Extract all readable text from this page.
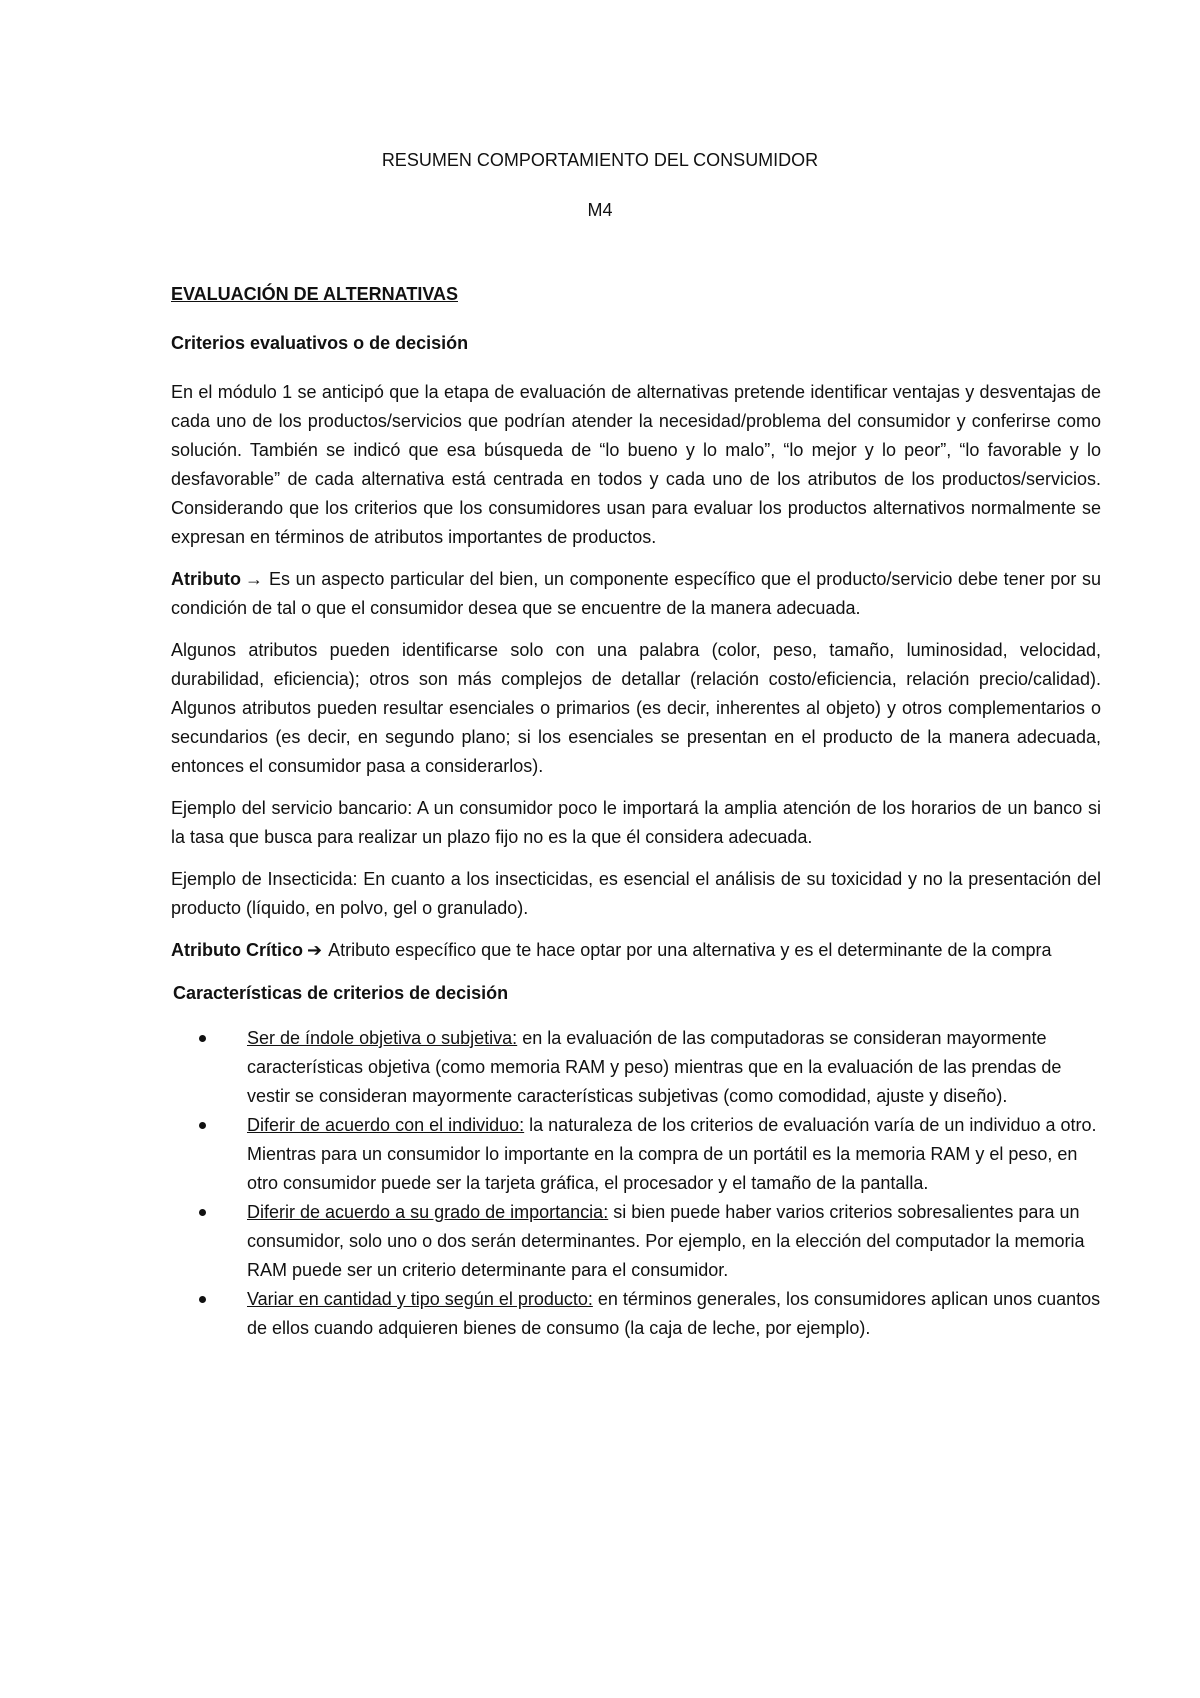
RESUMEN COMPORTAMIENTO DEL CONSUMIDOR
M4
EVALUACIÓN DE ALTERNATIVAS
Criterios evaluativos o de decisión

En el módulo 1 se anticipó que la etapa de evaluación de alternativas pretende identificar ventajas y desventajas de cada uno de los productos/servicios que podrían atender la necesidad/problema del consumidor y conferirse como solución. También se indicó que esa búsqueda de “lo bueno y lo malo”, “lo mejor y lo peor”, “lo favorable y lo desfavorable” de cada alternativa está centrada en todos y cada uno de los atributos de los productos/servicios. Considerando que los criterios que los consumidores usan para evaluar los productos alternativos normalmente se expresan en términos de atributos importantes de productos.

Atributo → Es un aspecto particular del bien, un componente específico que el producto/servicio debe tener por su condición de tal o que el consumidor desea que se encuentre de la manera adecuada.

Algunos atributos pueden identificarse solo con una palabra (color, peso, tamaño, luminosidad, velocidad, durabilidad, eficiencia); otros son más complejos de detallar (relación costo/eficiencia, relación precio/calidad). Algunos atributos pueden resultar esenciales o primarios (es decir, inherentes al objeto) y otros complementarios o secundarios (es decir, en segundo plano; si los esenciales se presentan en el producto de la manera adecuada, entonces el consumidor pasa a considerarlos).

Ejemplo del servicio bancario: A un consumidor poco le importará la amplia atención de los horarios de un banco si la tasa que busca para realizar un plazo fijo no es la que él considera adecuada.

Ejemplo de Insecticida: En cuanto a los insecticidas, es esencial el análisis de su toxicidad y no la presentación del producto (líquido, en polvo, gel o granulado).

Atributo Crítico ➔ Atributo específico que te hace optar por una alternativa y es el determinante de la compra

Características de criterios de decisión
Ser de índole objetiva o subjetiva: en la evaluación de las computadoras se consideran mayormente características objetiva (como memoria RAM y peso) mientras que en la evaluación de las prendas de vestir se consideran mayormente características subjetivas (como comodidad, ajuste y diseño).
Diferir de acuerdo con el individuo: la naturaleza de los criterios de evaluación varía de un individuo a otro. Mientras para un consumidor lo importante en la compra de un portátil es la memoria RAM y el peso, en otro consumidor puede ser la tarjeta gráfica, el procesador y el tamaño de la pantalla.
Diferir de acuerdo a su grado de importancia: si bien puede haber varios criterios sobresalientes para un consumidor, solo uno o dos serán determinantes. Por ejemplo, en la elección del computador la memoria RAM puede ser un criterio determinante para el consumidor.
Variar en cantidad y tipo según el producto: en términos generales, los consumidores aplican unos cuantos de ellos cuando adquieren bienes de consumo (la caja de leche, por ejemplo).
